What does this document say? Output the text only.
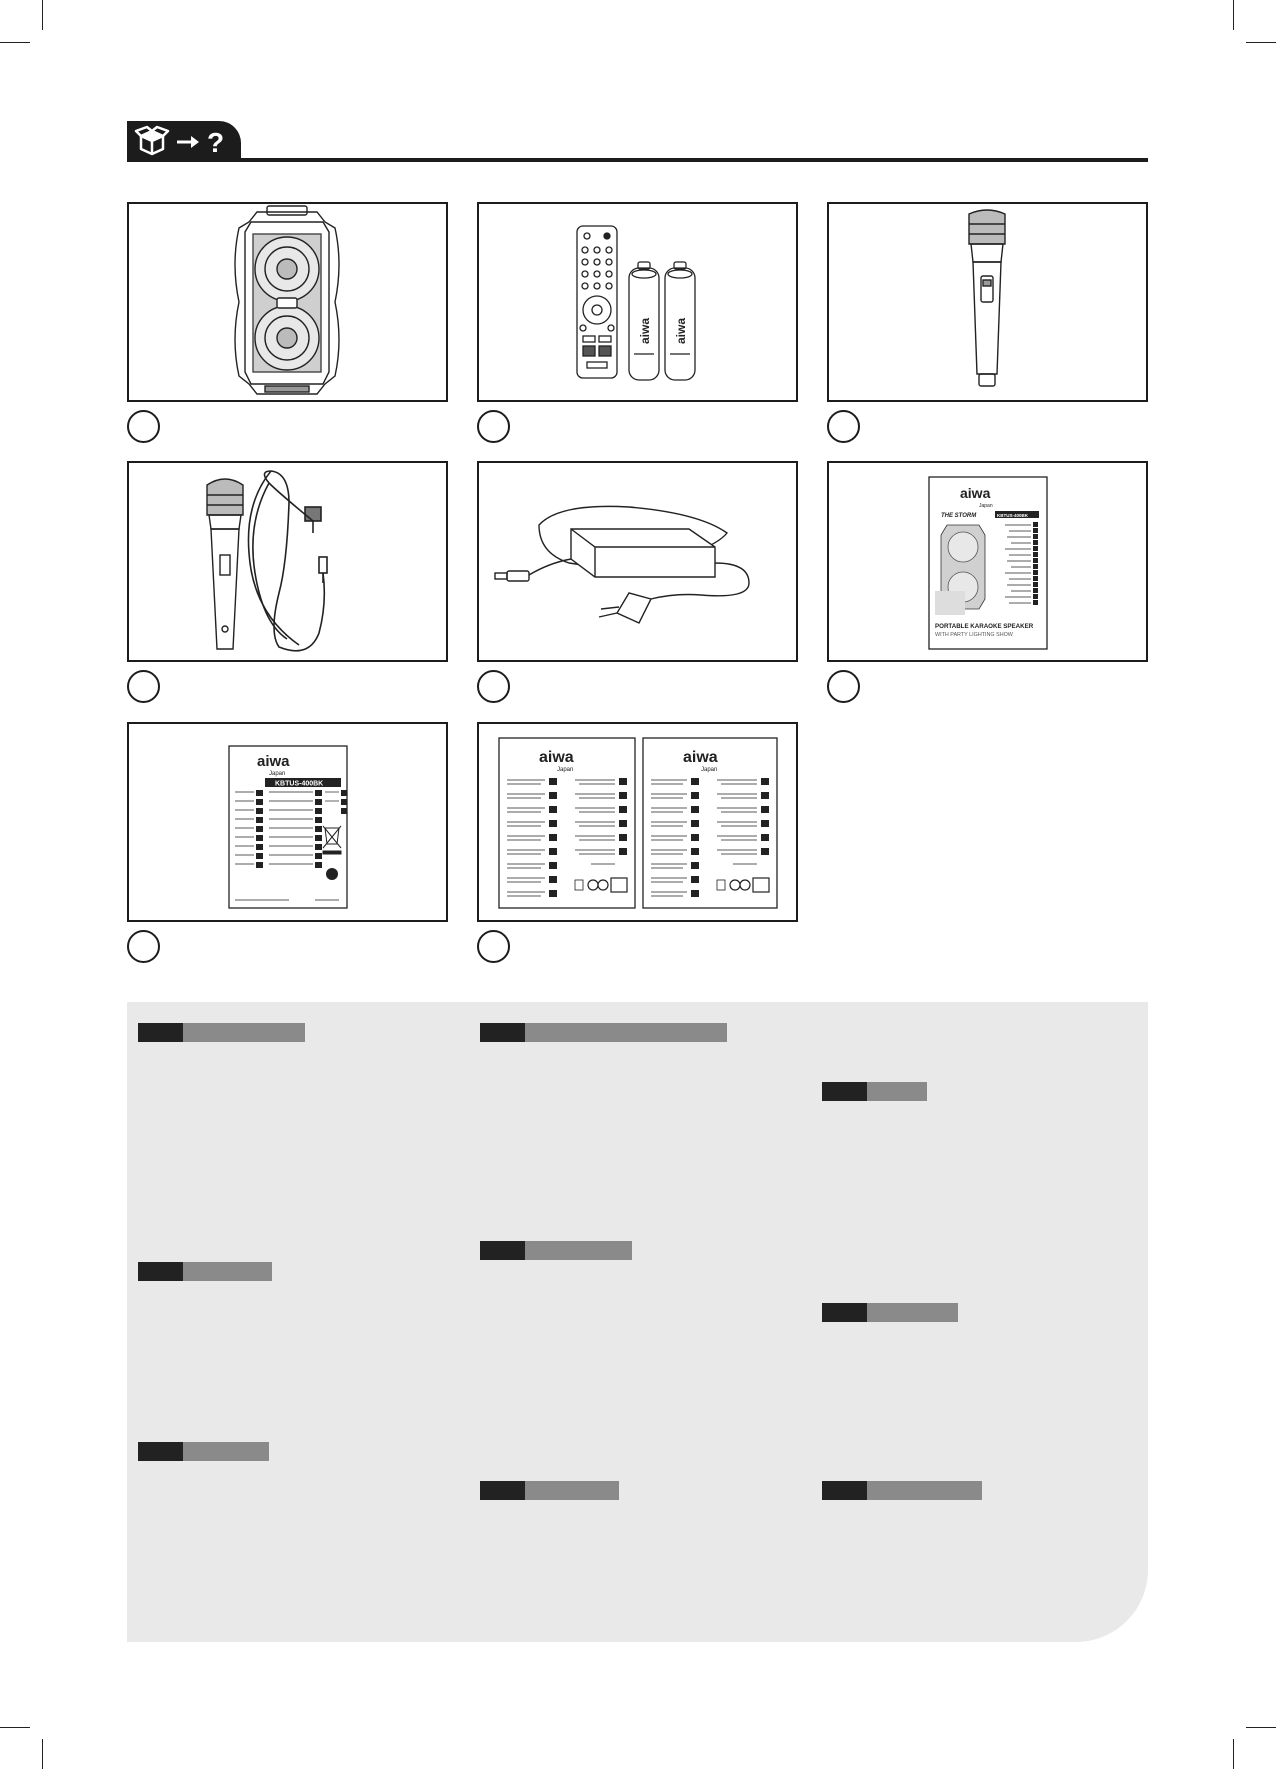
?
aiwa aiwa
aiwa
Japan
THE STORM	KBTUS-400BK
PORTABLE KARAOKE SPEAKER
WITH PARTY LIGHTING SHOW
aiwa
Japan
KBTUS-400BK
aiwa
Japan
aiwa
Japan
